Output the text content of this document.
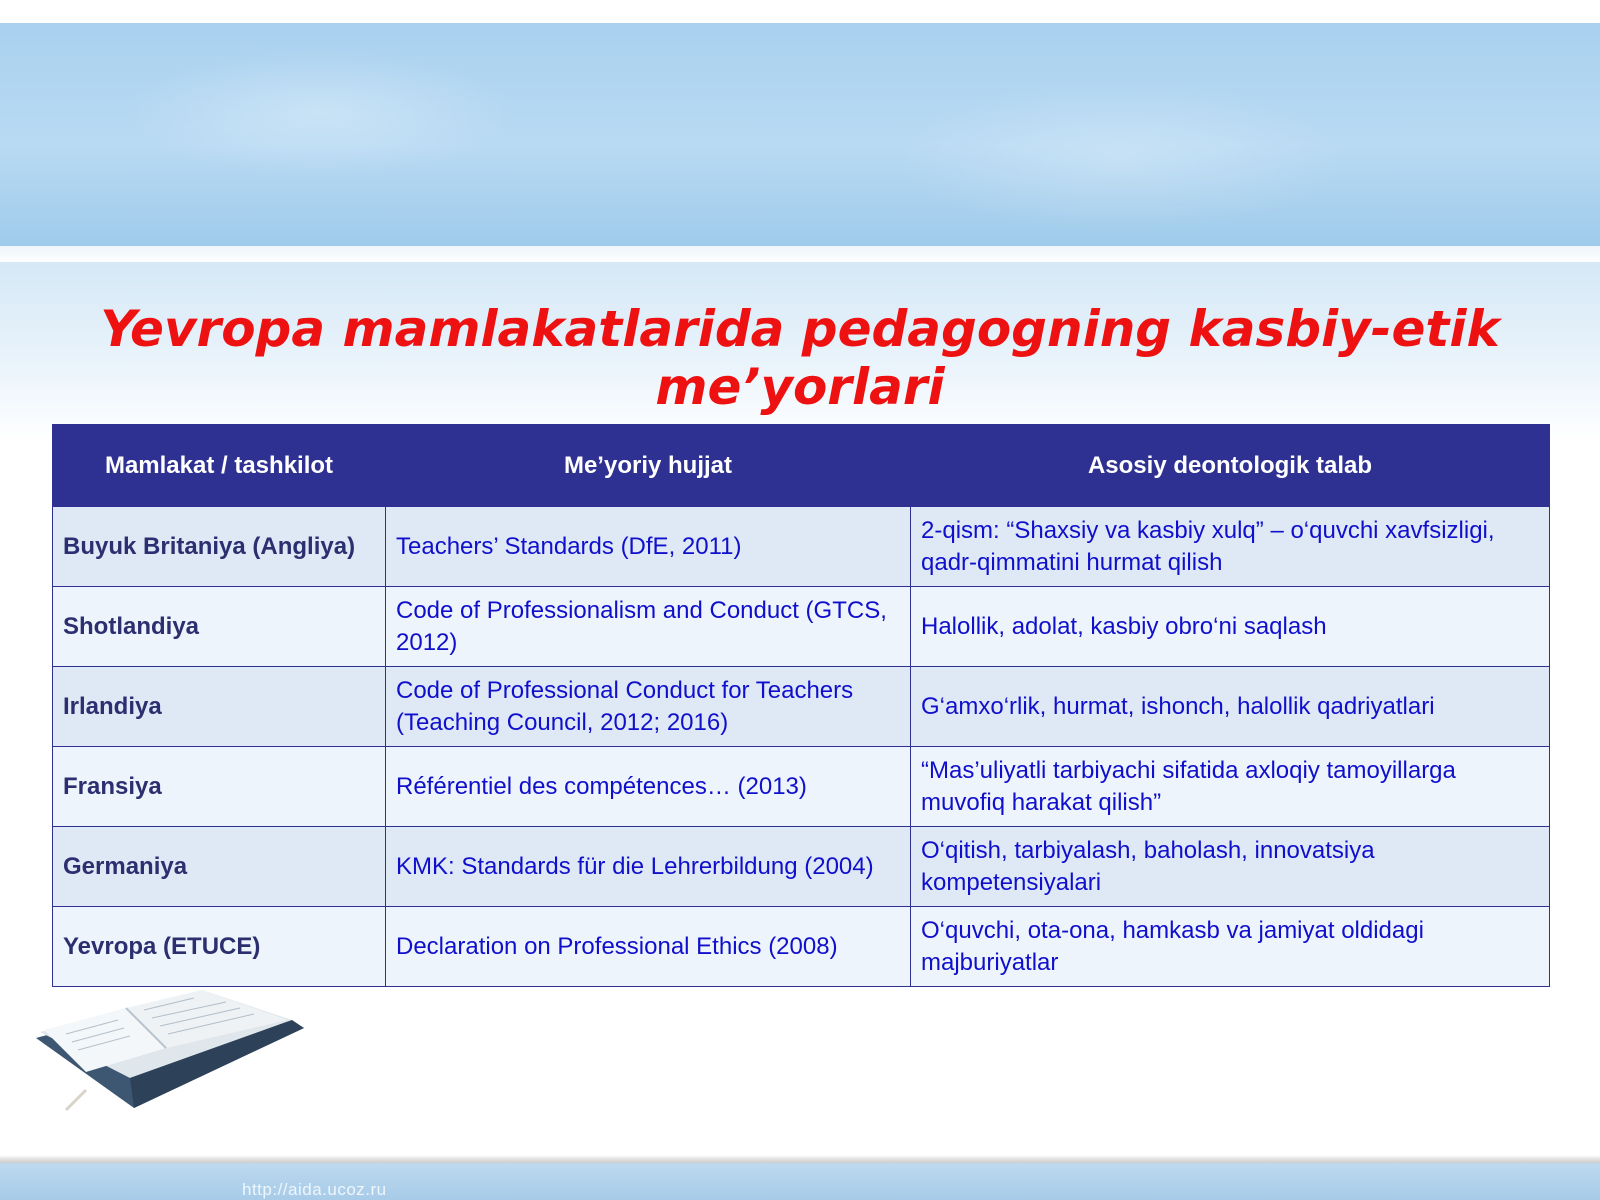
Yevropa mamlakatlarida pedagogning kasbiy-etik
me’yorlari
Mamlakat / tashkilot	Me’yoriy hujjat	Asosiy deontologik talab
Buyuk Britaniya (Angliya)	Teachers’ Standards (DfE, 2011)	2-qism: “Shaxsiy va kasbiy xulq” – o‘quvchi xavfsizligi, qadr-qimmatini hurmat qilish
Shotlandiya	Code of Professionalism and Conduct (GTCS, 2012)	Halollik, adolat, kasbiy obro‘ni saqlash
Irlandiya	Code of Professional Conduct for Teachers (Teaching Council, 2012; 2016)	G‘amxo‘rlik, hurmat, ishonch, halollik qadriyatlari
Fransiya	Référentiel des compétences… (2013)	“Mas’uliyatli tarbiyachi sifatida axloqiy tamoyillarga muvofiq harakat qilish”
Germaniya	KMK: Standards für die Lehrerbildung (2004)	O‘qitish, tarbiyalash, baholash, innovatsiya kompetensiyalari
Yevropa (ETUCE)	Declaration on Professional Ethics (2008)	O‘quvchi, ota-ona, hamkasb va jamiyat oldidagi majburiyatlar
http://aida.ucoz.ru
